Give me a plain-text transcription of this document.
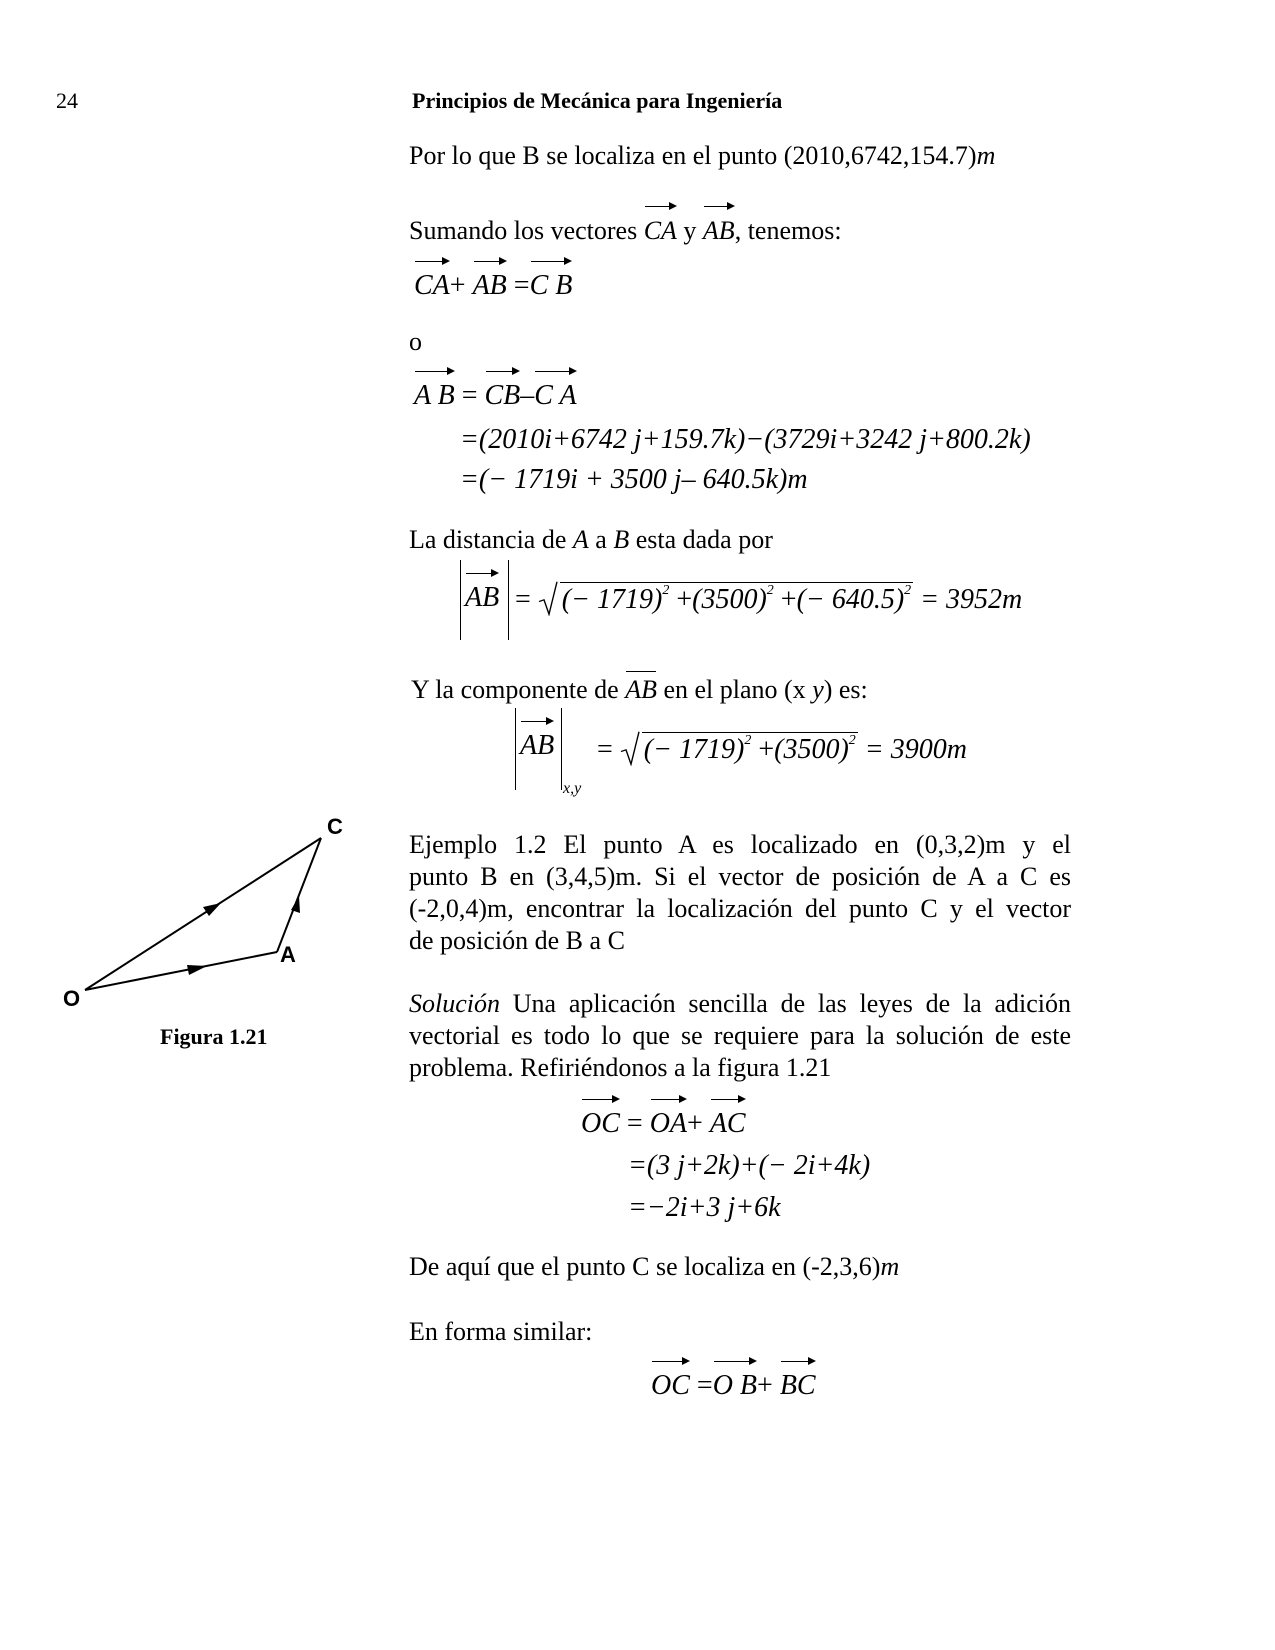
24	Principios de Mecánica para Ingeniería
Por lo que B se localiza en el punto (2010,6742,154.7)m
Sumando los vectores CA y AB, tenemos:
CA+ AB =C B
o
A B = CB–C A
=(2010i+6742 j+159.7k)−(3729i+3242 j+800.2k)
=(− 1719i + 3500 j– 640.5k)m
La distancia de A a B esta dada por
AB = (− $1719)^2 +(3500)^2$ +(− 640.5)$^2$ = 3952m
Y la componente de AB en el plano (x y) es:
AB
x,y
= (− $1719)^2 +(3500)^2 = 3900m$
C
A
O
Figura 1.21
Ejemplo 1.2 El punto A es localizado en (0,3,2)m y el
punto B en (3,4,5)m. Si el vector de posición de A a C es
(-2,0,4)m, encontrar la localización del punto C y el vector
de posición de B a C
Solución Una aplicación sencilla de las leyes de la adición
vectorial es todo lo que se requiere para la solución de este
problema. Refiriéndonos a la figura 1.21
OC = OA+ AC
=(3 j+2k)+(− 2i+4k)
=−2i+3 j+6k
De aquí que el punto C se localiza en (-2,3,6)m
En forma similar:
OC =O B+ BC
